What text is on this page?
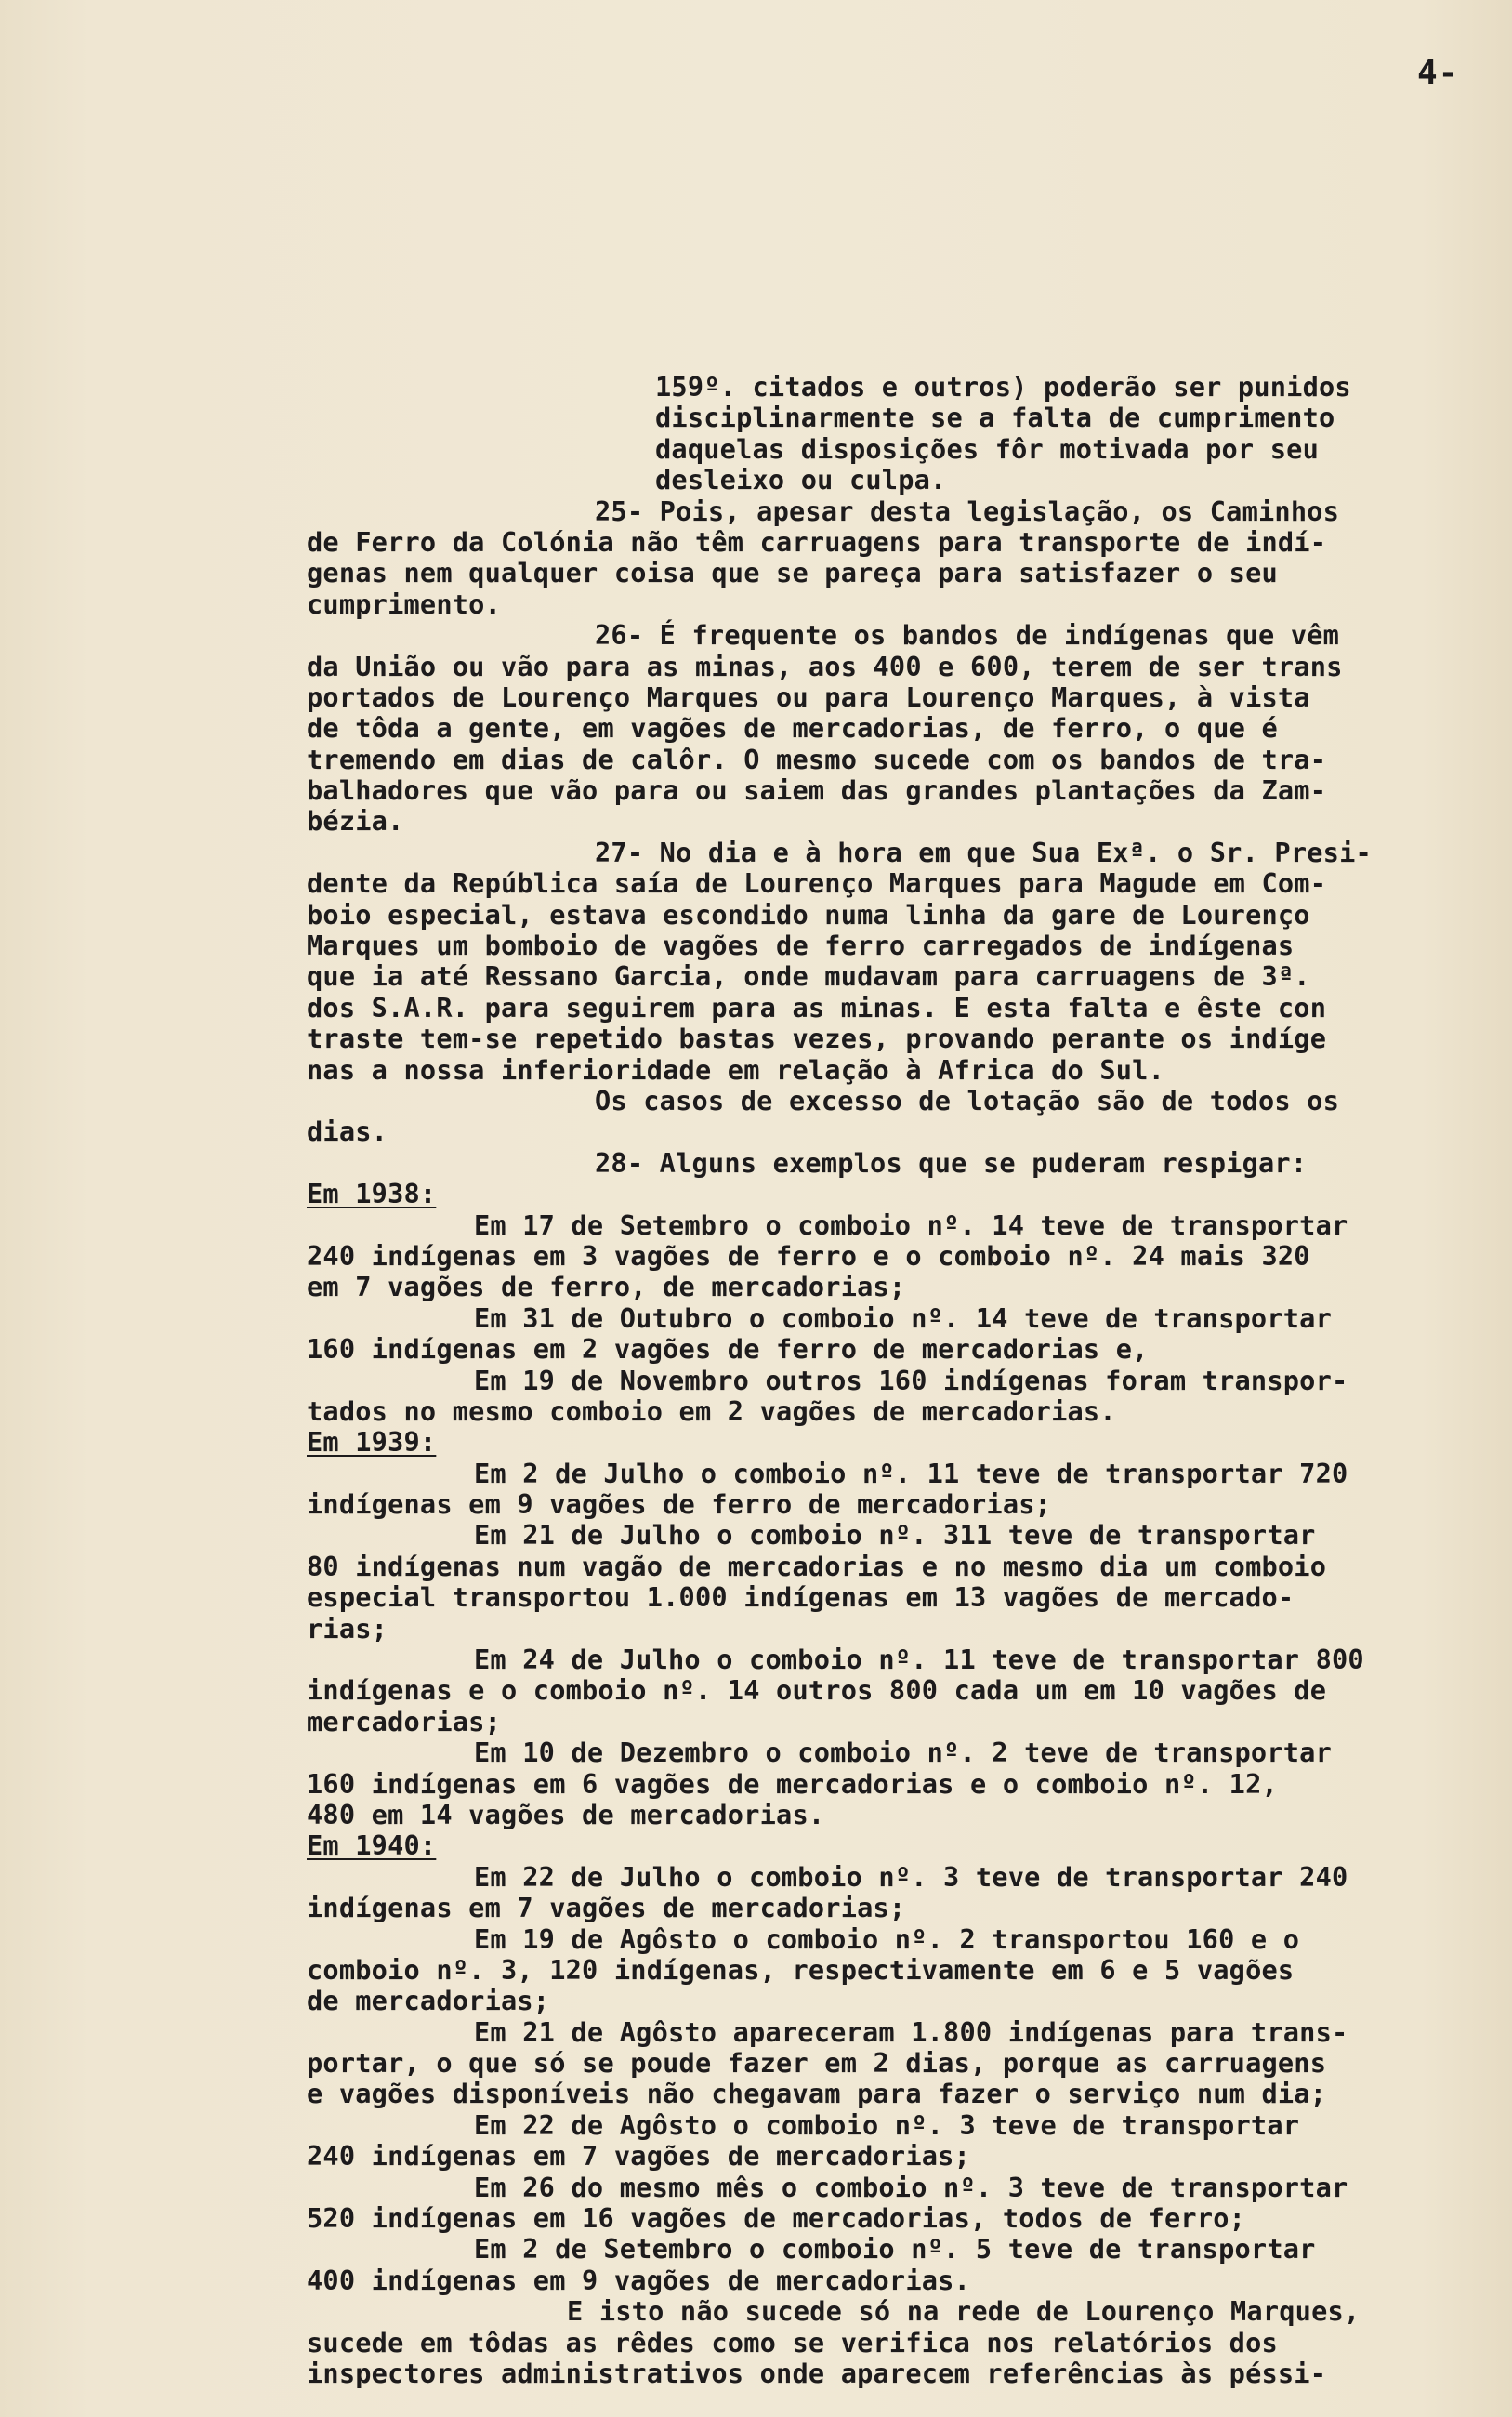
4-
159º. citados e outros) poderão ser punidos
disciplinarmente se a falta de cumprimento
daquelas disposições fôr motivada por seu
desleixo ou culpa.
25- Pois, apesar desta legislação, os Caminhos
de Ferro da Colónia não têm carruagens para transporte de indí-
genas nem qualquer coisa que se pareça para satisfazer o seu
cumprimento.
26- É frequente os bandos de indígenas que vêm
da União ou vão para as minas, aos 400 e 600, terem de ser trans
portados de Lourenço Marques ou para Lourenço Marques, à vista
de tôda a gente, em vagões de mercadorias, de ferro, o que é
tremendo em dias de calôr. O mesmo sucede com os bandos de tra-
balhadores que vão para ou saiem das grandes plantações da Zam-
bézia.
27- No dia e à hora em que Sua Exª. o Sr. Presi-
dente da República saía de Lourenço Marques para Magude em Com-
boio especial, estava escondido numa linha da gare de Lourenço
Marques um bomboio de vagões de ferro carregados de indígenas
que ia até Ressano Garcia, onde mudavam para carruagens de 3ª.
dos S.A.R. para seguirem para as minas. E esta falta e êste con
traste tem-se repetido bastas vezes, provando perante os indíge
nas a nossa inferioridade em relação à Africa do Sul.
Os casos de excesso de lotação são de todos os
dias.
28- Alguns exemplos que se puderam respigar:
Em 1938:
Em 17 de Setembro o comboio nº. 14 teve de transportar
240 indígenas em 3 vagões de ferro e o comboio nº. 24 mais 320
em 7 vagões de ferro, de mercadorias;
Em 31 de Outubro o comboio nº. 14 teve de transportar
160 indígenas em 2 vagões de ferro de mercadorias e,
Em 19 de Novembro outros 160 indígenas foram transpor-
tados no mesmo comboio em 2 vagões de mercadorias.
Em 1939:
Em 2 de Julho o comboio nº. 11 teve de transportar 720
indígenas em 9 vagões de ferro de mercadorias;
Em 21 de Julho o comboio nº. 311 teve de transportar
80 indígenas num vagão de mercadorias e no mesmo dia um comboio
especial transportou 1.000 indígenas em 13 vagões de mercado-
rias;
Em 24 de Julho o comboio nº. 11 teve de transportar 800
indígenas e o comboio nº. 14 outros 800 cada um em 10 vagões de
mercadorias;
Em 10 de Dezembro o comboio nº. 2 teve de transportar
160 indígenas em 6 vagões de mercadorias e o comboio nº. 12,
480 em 14 vagões de mercadorias.
Em 1940:
Em 22 de Julho o comboio nº. 3 teve de transportar 240
indígenas em 7 vagões de mercadorias;
Em 19 de Agôsto o comboio nº. 2 transportou 160 e o
comboio nº. 3, 120 indígenas, respectivamente em 6 e 5 vagões
de mercadorias;
Em 21 de Agôsto apareceram 1.800 indígenas para trans-
portar, o que só se poude fazer em 2 dias, porque as carruagens
e vagões disponíveis não chegavam para fazer o serviço num dia;
Em 22 de Agôsto o comboio nº. 3 teve de transportar
240 indígenas em 7 vagões de mercadorias;
Em 26 do mesmo mês o comboio nº. 3 teve de transportar
520 indígenas em 16 vagões de mercadorias, todos de ferro;
Em 2 de Setembro o comboio nº. 5 teve de transportar
400 indígenas em 9 vagões de mercadorias.
E isto não sucede só na rede de Lourenço Marques,
sucede em tôdas as rêdes como se verifica nos relatórios dos
inspectores administrativos onde aparecem referências às péssi-
